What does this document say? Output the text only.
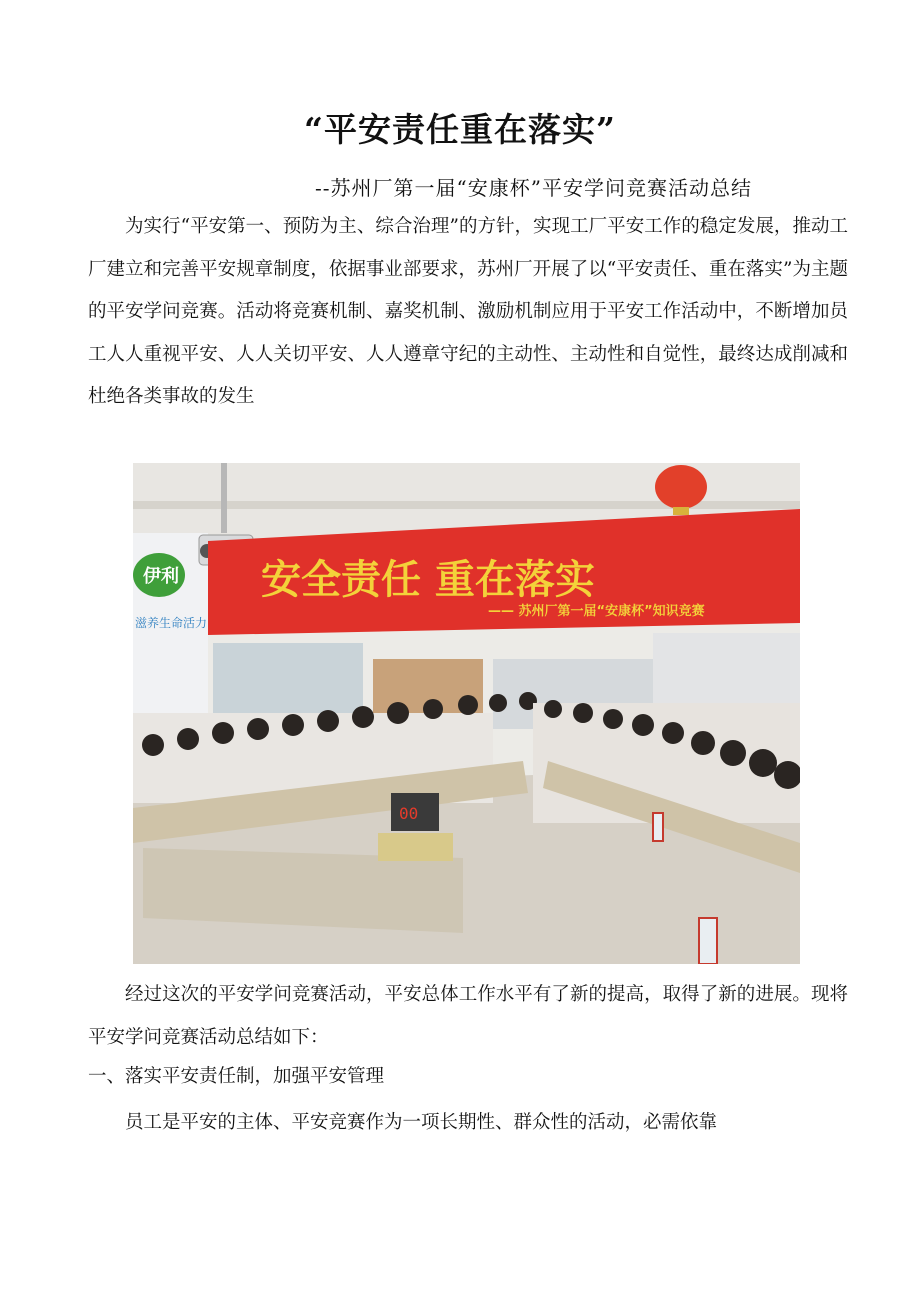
“平安责任重在落实”
--苏州厂第一届“安康杯”平安学问竞赛活动总结

为实行“平安第一、预防为主、综合治理”的方针，实现工厂平安工作的稳定发展，推动工厂建立和完善平安规章制度，依据事业部要求，苏州厂开展了以“平安责任、重在落实”为主题的平安学问竞赛。活动将竞赛机制、嘉奖机制、激励机制应用于平安工作活动中，不断增加员工人人重视平安、人人关切平安、人人遵章守纪的主动性、主动性和自觉性，最终达成削减和杜绝各类事故的发生

伊利
滋养生命活力
安全责任 重在落实
—— 苏州厂第一届“安康杯”知识竞赛
00

经过这次的平安学问竞赛活动，平安总体工作水平有了新的提高，取得了新的进展。现将平安学问竞赛活动总结如下：

一、落实平安责任制，加强平安管理

员工是平安的主体、平安竞赛作为一项长期性、群众性的活动，必需依靠
